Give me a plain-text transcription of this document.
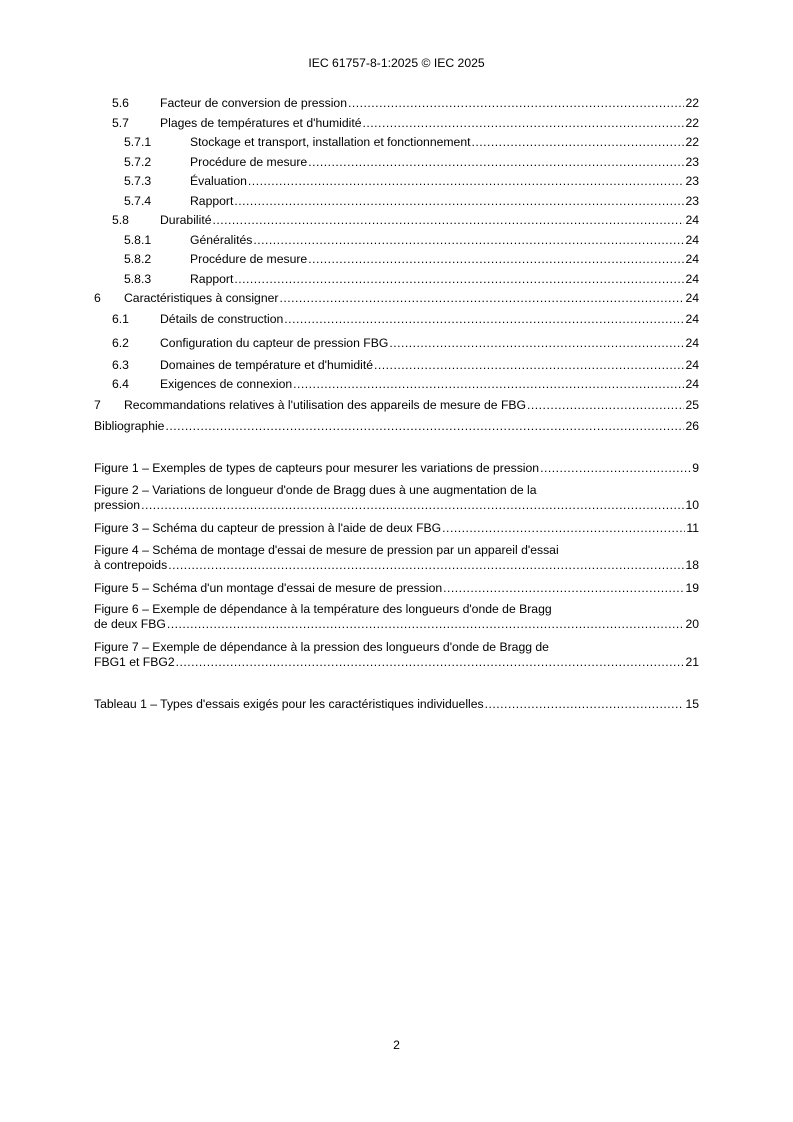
IEC 61757-8-1:2025 © IEC 2025
5.6	Facteur de conversion de pression .....	22
5.7	Plages de températures et d'humidité .....	22
5.7.1	Stockage et transport, installation et fonctionnement .....	22
5.7.2	Procédure de mesure .....	23
5.7.3	Évaluation .....	23
5.7.4	Rapport .....	23
5.8	Durabilité .....	24
5.8.1	Généralités .....	24
5.8.2	Procédure de mesure .....	24
5.8.3	Rapport .....	24
6 Caractéristiques à consigner .....	24
6.1	Détails de construction .....	24
6.2	Configuration du capteur de pression FBG .....	24
6.3	Domaines de température et d'humidité .....	24
6.4	Exigences de connexion .....	24
7 Recommandations relatives à l'utilisation des appareils de mesure de FBG .....	25
Bibliographie .....	26
Figure 1 – Exemples de types de capteurs pour mesurer les variations de pression .....	9
Figure 2 – Variations de longueur d'onde de Bragg dues à une augmentation de la
pression .....	10
Figure 3 – Schéma du capteur de pression à l'aide de deux FBG .....	11
Figure 4 – Schéma de montage d'essai de mesure de pression par un appareil d'essai
à contrepoids .....	18
Figure 5 – Schéma d'un montage d'essai de mesure de pression .....	19
Figure 6 – Exemple de dépendance à la température des longueurs d'onde de Bragg
de deux FBG .....	20
Figure 7 – Exemple de dépendance à la pression des longueurs d'onde de Bragg de
FBG1 et FBG2 .....	21
Tableau 1 – Types d'essais exigés pour les caractéristiques individuelles .....	15
2
